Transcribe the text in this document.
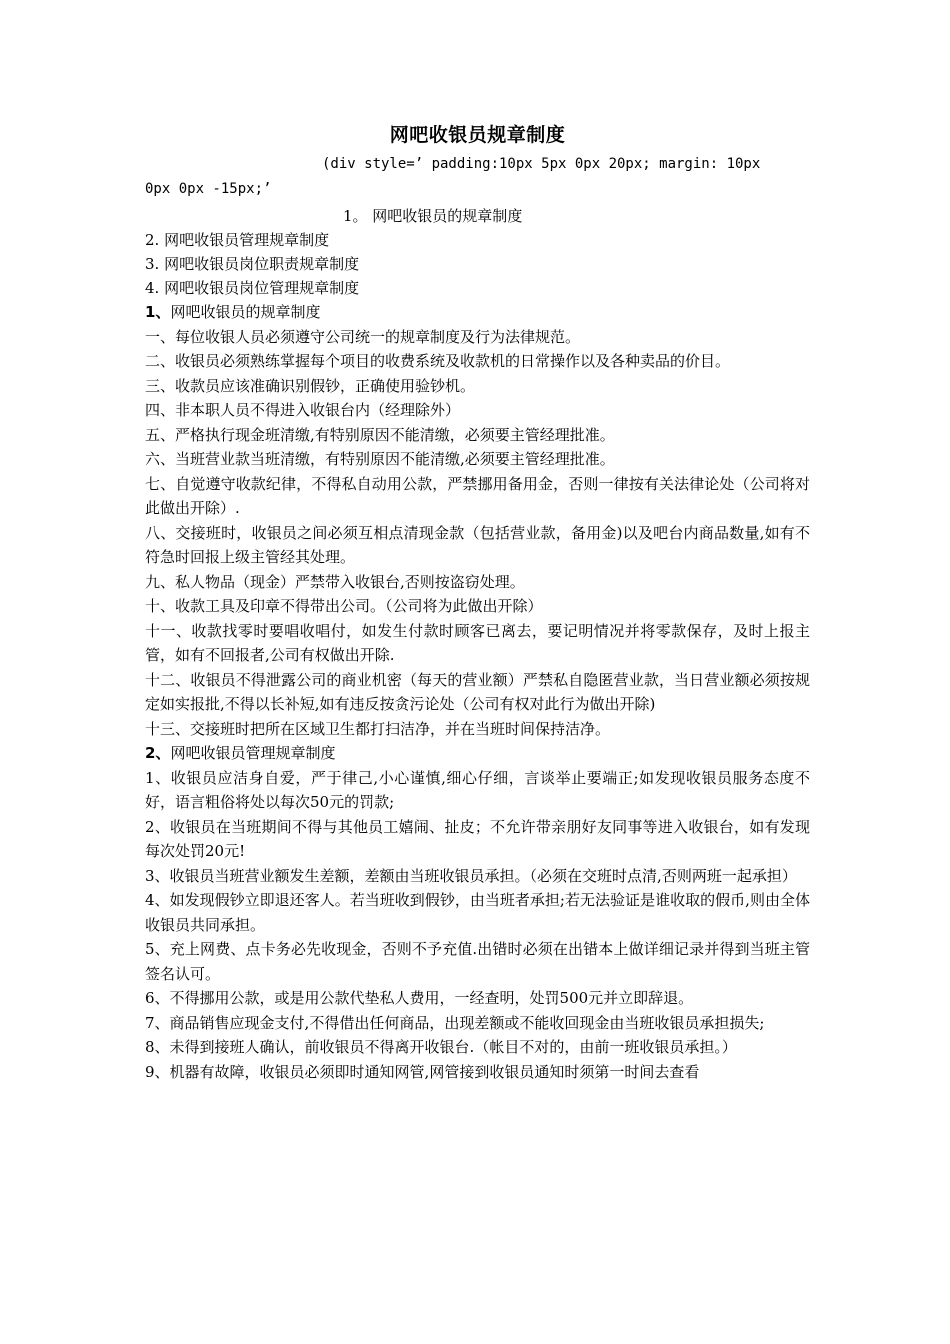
网吧收银员规章制度

(div style=’ padding:10px 5px 0px 20px; margin: 10px

0px 0px -15px;’

1。 网吧收银员的规章制度

2. 网吧收银员管理规章制度

3. 网吧收银员岗位职责规章制度

4. 网吧收银员岗位管理规章制度

1、网吧收银员的规章制度

一、每位收银人员必须遵守公司统一的规章制度及行为法律规范。

二、收银员必须熟练掌握每个项目的收费系统及收款机的日常操作以及各种卖品的价目。

三、收款员应该准确识别假钞，正确使用验钞机。

四、非本职人员不得进入收银台内（经理除外）

五、严格执行现金班清缴,有特别原因不能清缴，必须要主管经理批准。

六、当班营业款当班清缴，有特别原因不能清缴,必须要主管经理批准。

七、自觉遵守收款纪律，不得私自动用公款，严禁挪用备用金，否则一律按有关法律论处（公司将对此做出开除）.

八、交接班时，收银员之间必须互相点清现金款（包括营业款，备用金)以及吧台内商品数量,如有不符急时回报上级主管经其处理。

九、私人物品（现金）严禁带入收银台,否则按盗窃处理。

十、收款工具及印章不得带出公司。（公司将为此做出开除）

十一、收款找零时要唱收唱付，如发生付款时顾客已离去，要记明情况并将零款保存，及时上报主管，如有不回报者,公司有权做出开除.

十二、收银员不得泄露公司的商业机密（每天的营业额）严禁私自隐匿营业款，当日营业额必须按规定如实报批,不得以长补短,如有违反按贪污论处（公司有权对此行为做出开除)

十三、交接班时把所在区域卫生都打扫洁净，并在当班时间保持洁净。

2、网吧收银员管理规章制度

1、收银员应洁身自爱，严于律己,小心谨慎,细心仔细，言谈举止要端正;如发现收银员服务态度不好，语言粗俗将处以每次50元的罚款;

2、收银员在当班期间不得与其他员工嬉闹、扯皮；不允许带亲朋好友同事等进入收银台，如有发现每次处罚20元!

3、收银员当班营业额发生差额，差额由当班收银员承担。（必须在交班时点清,否则两班一起承担）

4、如发现假钞立即退还客人。若当班收到假钞，由当班者承担;若无法验证是谁收取的假币,则由全体收银员共同承担。

5、充上网费、点卡务必先收现金，否则不予充值.出错时必须在出错本上做详细记录并得到当班主管签名认可。

6、不得挪用公款，或是用公款代垫私人费用，一经查明，处罚500元并立即辞退。

7、商品销售应现金支付,不得借出任何商品，出现差额或不能收回现金由当班收银员承担损失;

8、未得到接班人确认，前收银员不得离开收银台.（帐目不对的，由前一班收银员承担。）

9、机器有故障，收银员必须即时通知网管,网管接到收银员通知时须第一时间去查看
